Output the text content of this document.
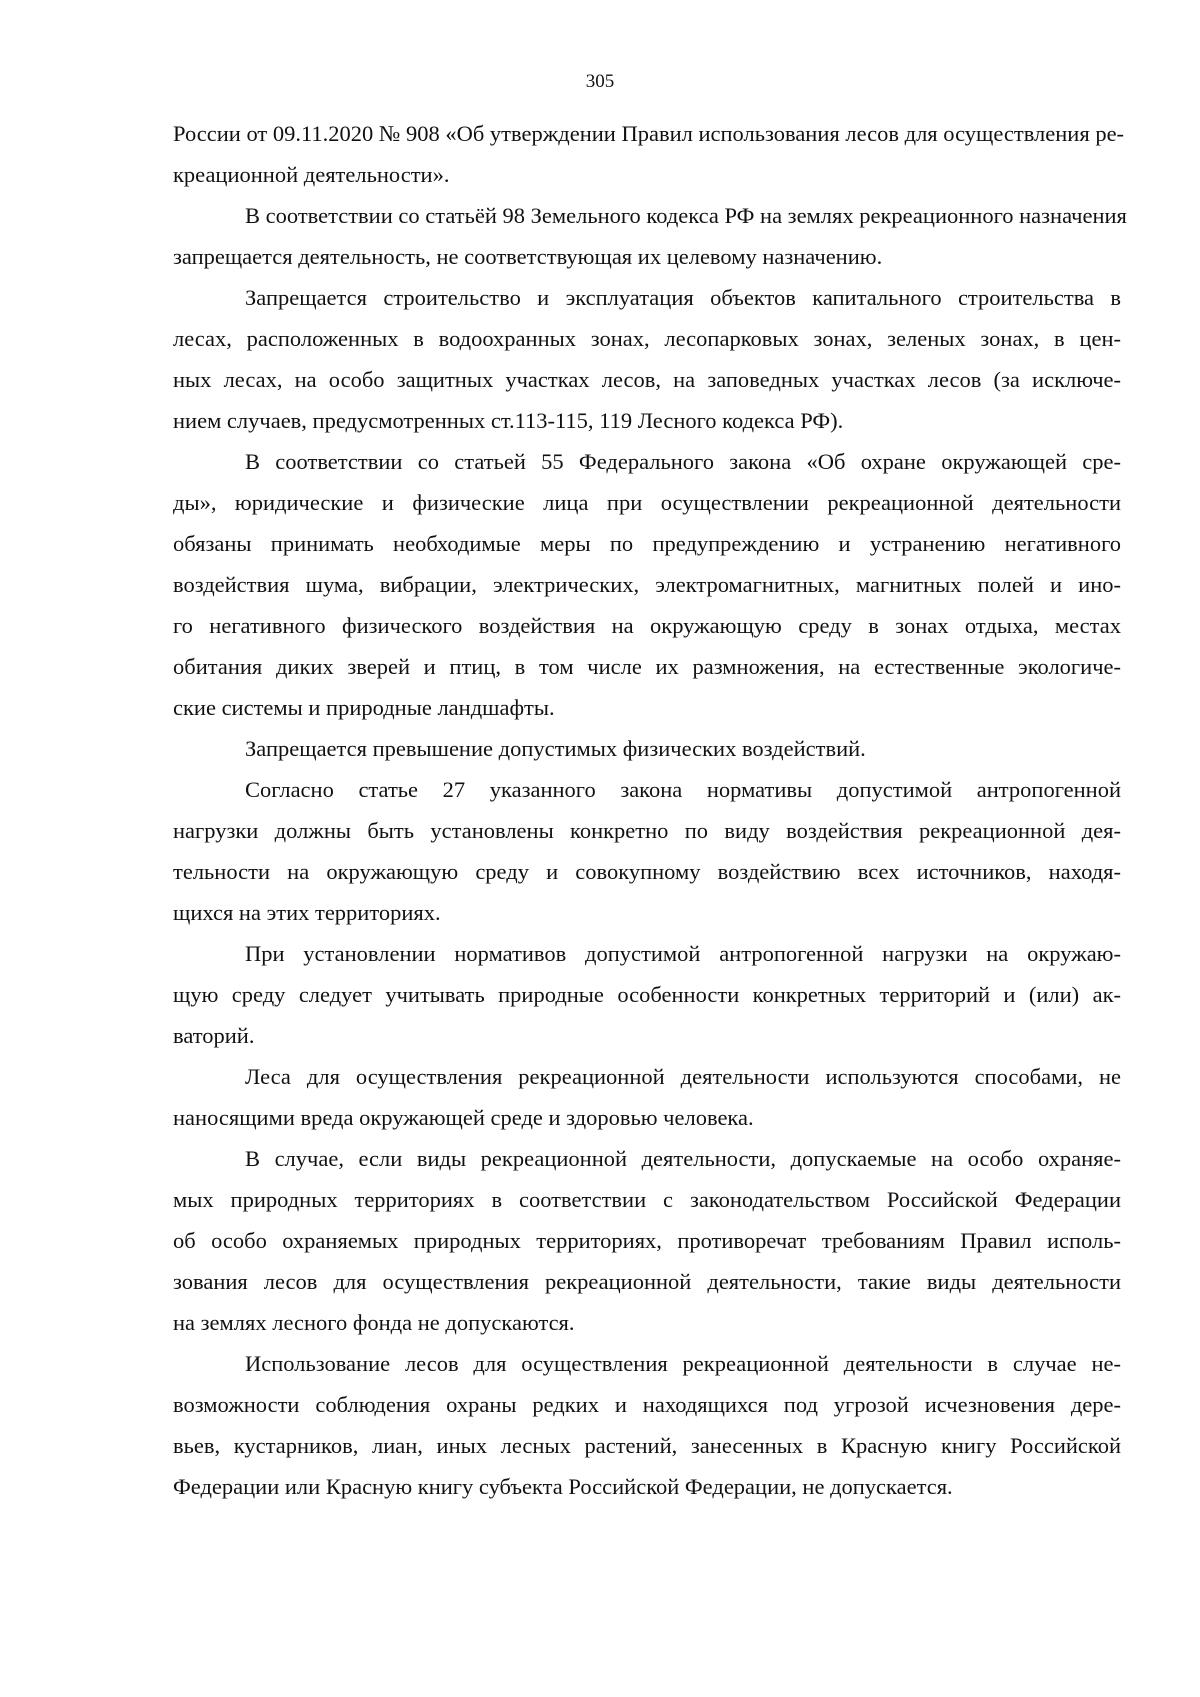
305
России от 09.11.2020 № 908 «Об утверждении Правил использования лесов для осуществления ре-
креационной деятельности».
В соответствии со статьёй 98 Земельного кодекса РФ на землях рекреационного назначения
запрещается деятельность, не соответствующая их целевому назначению.
Запрещается строительство и эксплуатация объектов капитального строительства в
лесах, расположенных в водоохранных зонах, лесопарковых зонах, зеленых зонах, в цен-
ных лесах, на особо защитных участках лесов, на заповедных участках лесов (за исключе-
нием случаев, предусмотренных ст.113-115, 119 Лесного кодекса РФ).
В соответствии со статьей 55 Федерального закона «Об охране окружающей сре-
ды», юридические и физические лица при осуществлении рекреационной деятельности
обязаны принимать необходимые меры по предупреждению и устранению негативного
воздействия шума, вибрации, электрических, электромагнитных, магнитных полей и ино-
го негативного физического воздействия на окружающую среду в зонах отдыха, местах
обитания диких зверей и птиц, в том числе их размножения, на естественные экологиче-
ские системы и природные ландшафты.
Запрещается превышение допустимых физических воздействий.
Согласно статье 27 указанного закона нормативы допустимой антропогенной
нагрузки должны быть установлены конкретно по виду воздействия рекреационной дея-
тельности на окружающую среду и совокупному воздействию всех источников, находя-
щихся на этих территориях.
При установлении нормативов допустимой антропогенной нагрузки на окружаю-
щую среду следует учитывать природные особенности конкретных территорий и (или) ак-
ваторий.
Леса для осуществления рекреационной деятельности используются способами, не
наносящими вреда окружающей среде и здоровью человека.
В случае, если виды рекреационной деятельности, допускаемые на особо охраняе-
мых природных территориях в соответствии с законодательством Российской Федерации
об особо охраняемых природных территориях, противоречат требованиям Правил исполь-
зования лесов для осуществления рекреационной деятельности, такие виды деятельности
на землях лесного фонда не допускаются.
Использование лесов для осуществления рекреационной деятельности в случае не-
возможности соблюдения охраны редких и находящихся под угрозой исчезновения дере-
вьев, кустарников, лиан, иных лесных растений, занесенных в Красную книгу Российской
Федерации или Красную книгу субъекта Российской Федерации, не допускается.
